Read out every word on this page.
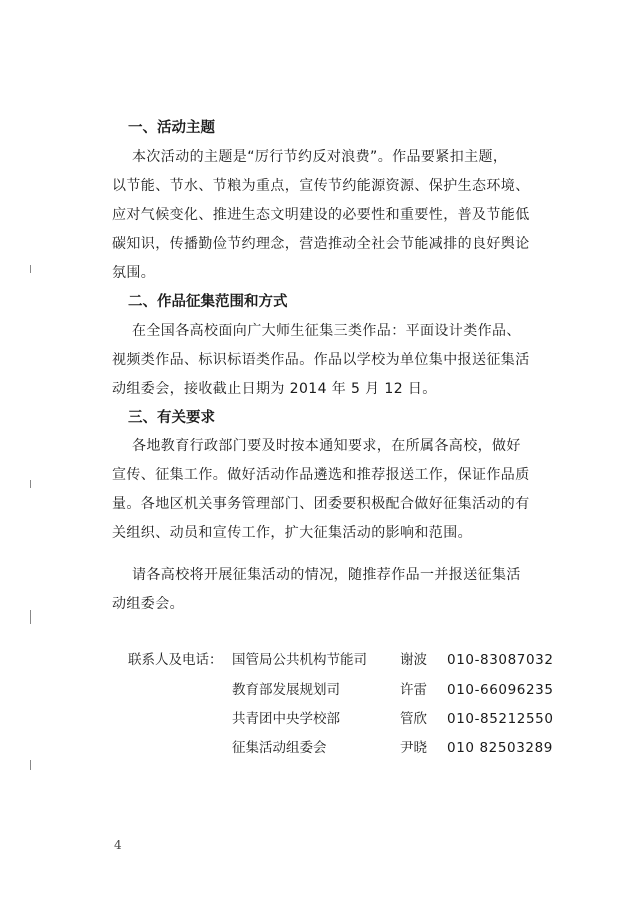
一、活动主题
本次活动的主题是“厉行节约反对浪费”。作品要紧扣主题，
以节能、节水、节粮为重点，宣传节约能源资源、保护生态环境、
应对气候变化、推进生态文明建设的必要性和重要性，普及节能低
碳知识，传播勤俭节约理念，营造推动全社会节能减排的良好舆论
氛围。
二、作品征集范围和方式
在全国各高校面向广大师生征集三类作品：平面设计类作品、
视频类作品、标识标语类作品。作品以学校为单位集中报送征集活
动组委会，接收截止日期为 2014 年 5 月 12 日。
三、有关要求
各地教育行政部门要及时按本通知要求，在所属各高校，做好
宣传、征集工作。做好活动作品遴选和推荐报送工作，保证作品质
量。各地区机关事务管理部门、团委要积极配合做好征集活动的有
关组织、动员和宣传工作，扩大征集活动的影响和范围。
请各高校将开展征集活动的情况，随推荐作品一并报送征集活
动组委会。
联系人及电话： 国管局公共机构节能司 谢波 010-83087032
教育部发展规划司	许雷 010-66096235
共青团中央学校部	管欣 010-85212550
征集活动组委会	尹晓 010 82503289
4
